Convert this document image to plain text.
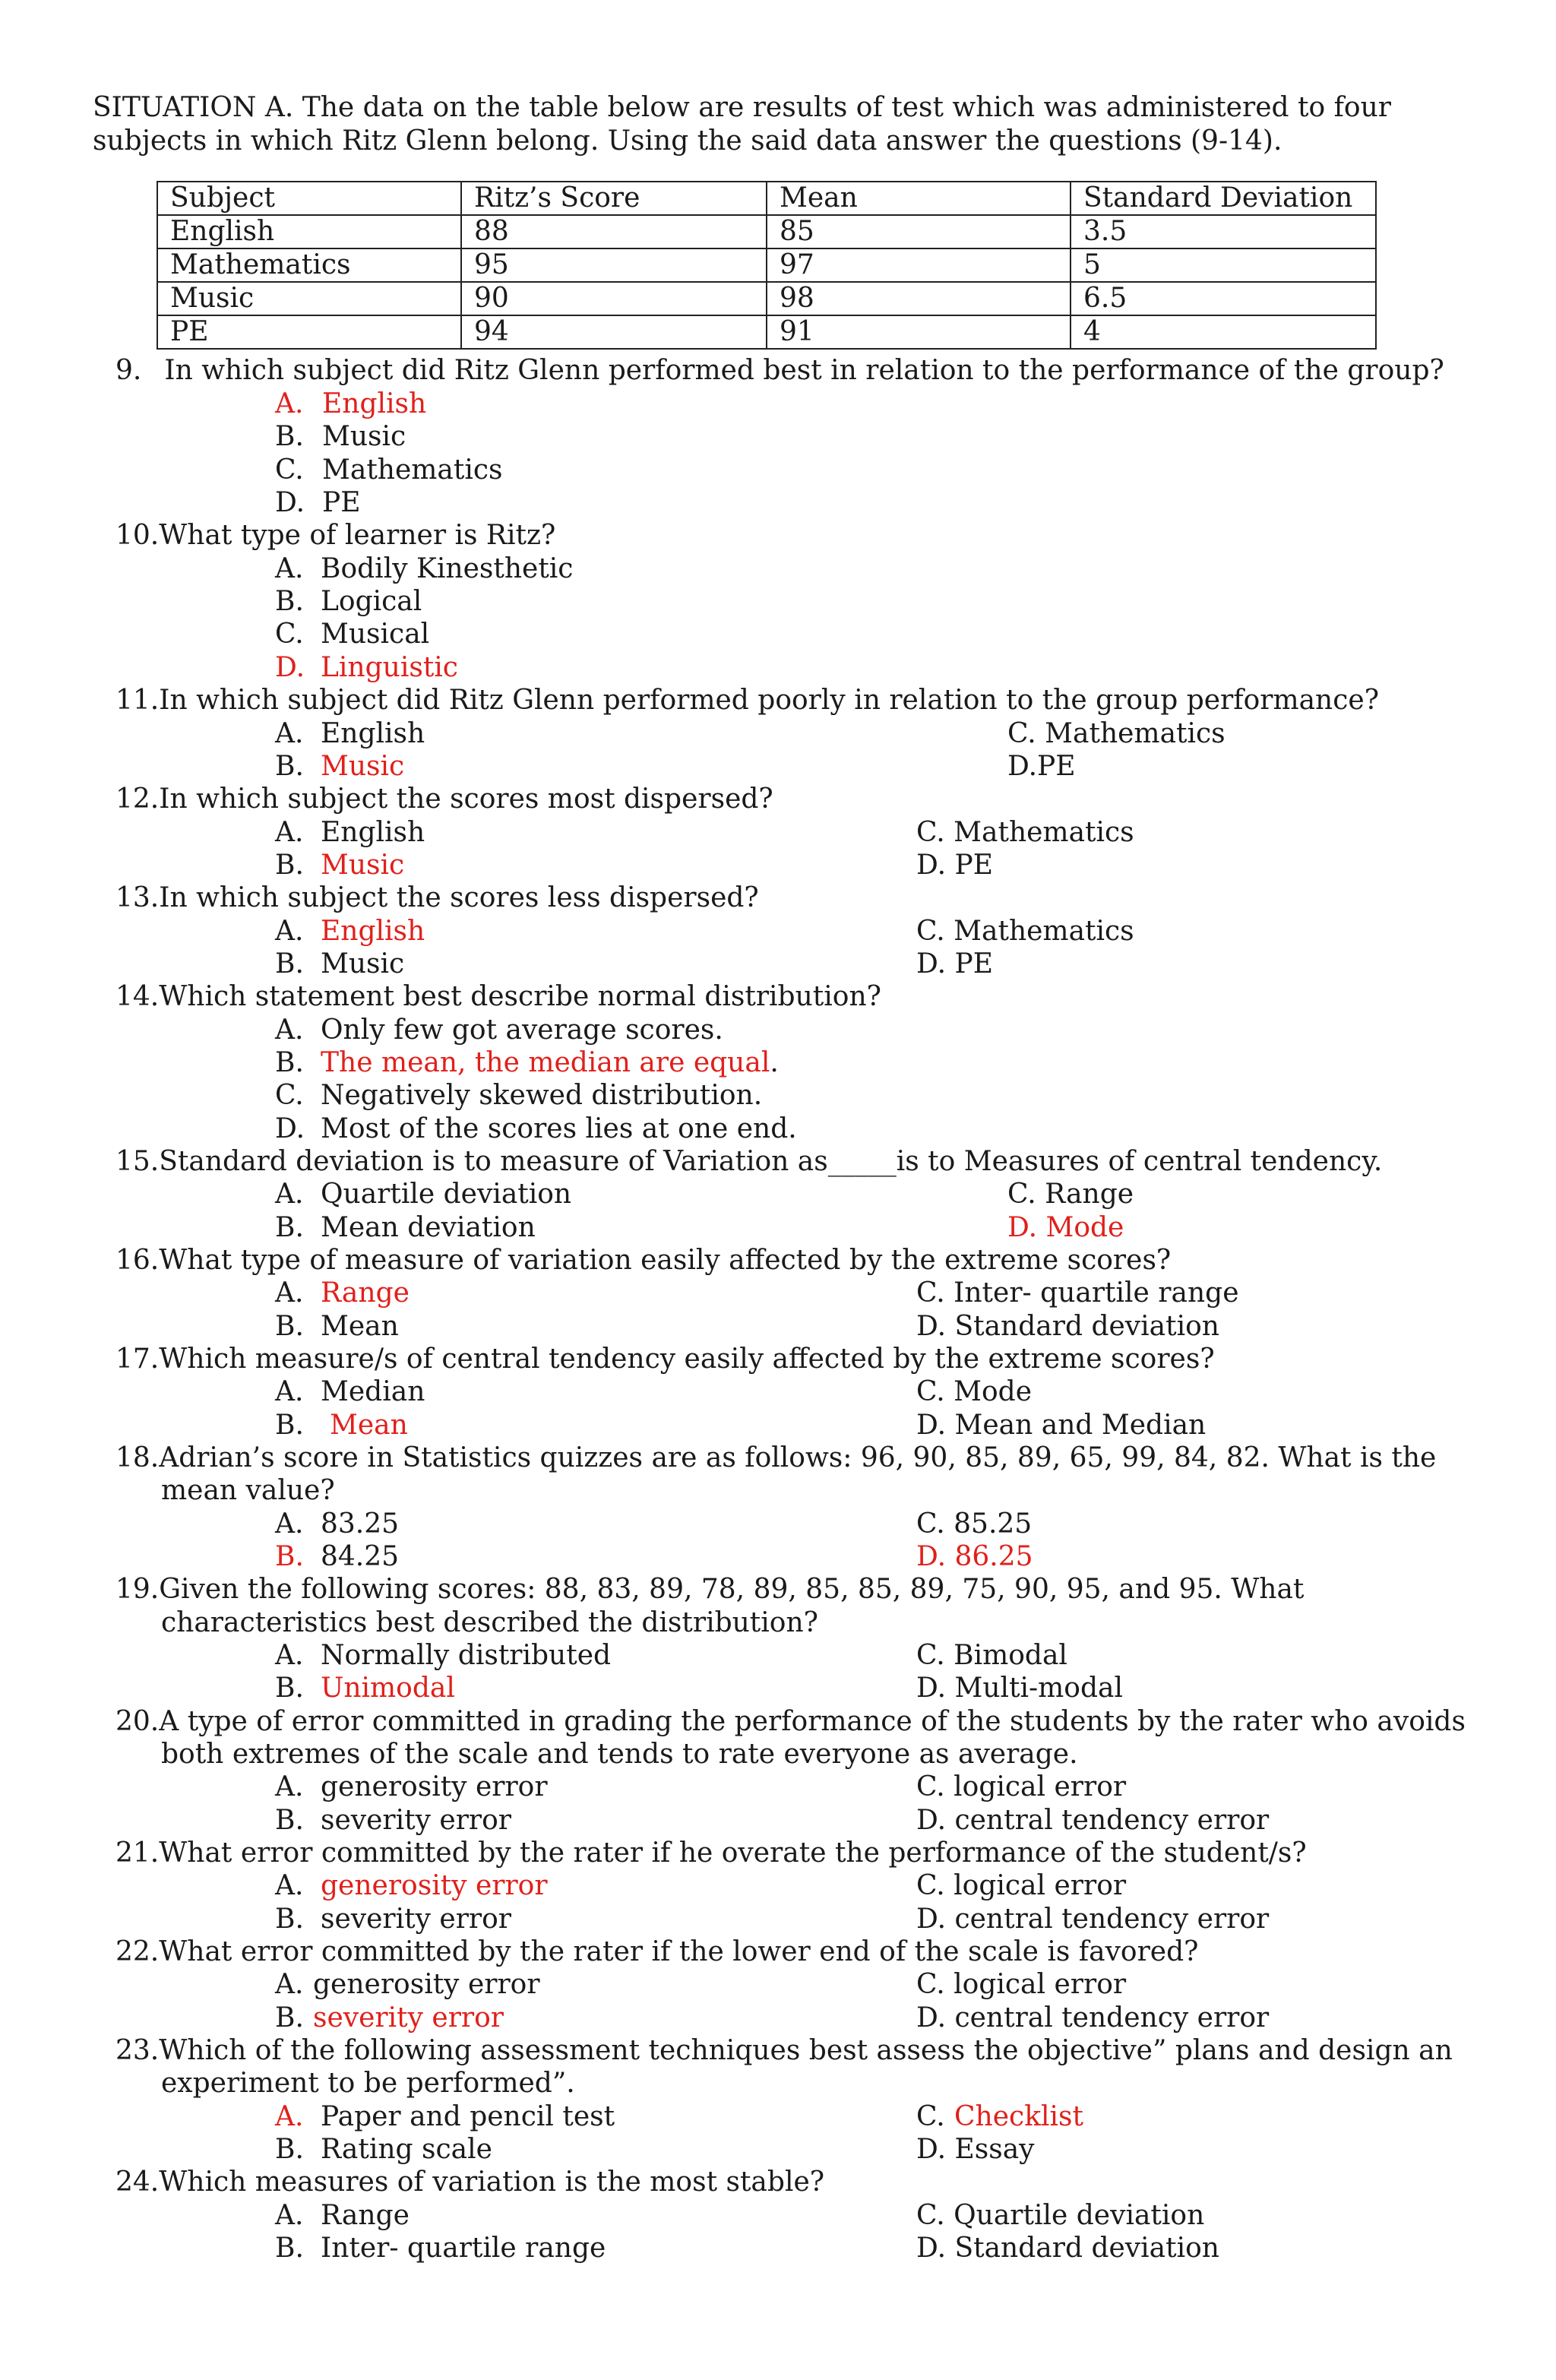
SITUATION A. The data on the table below are results of test which was administered to four
subjects in which Ritz Glenn belong. Using the said data answer the questions (9-14).
Subject	Ritz’s Score	Mean	Standard Deviation
English	88	85	3.5
Mathematics	95	97	5
Music	90	98	6.5
PE	94	91	4
9. In which subject did Ritz Glenn performed best in relation to the performance of the group?
A. English
B. Music
C. Mathematics
D. PE
10.What type of learner is Ritz?
A. Bodily Kinesthetic
B. Logical
C. Musical
D. Linguistic
11.In which subject did Ritz Glenn performed poorly in relation to the group performance?
A. English
B. Music
C. Mathematics
D.PE
12.In which subject the scores most dispersed?
A. English
B. Music
C. Mathematics
D. PE
13.In which subject the scores less dispersed?
A. English
B. Music
C. Mathematics
D. PE
14.Which statement best describe normal distribution?
A. Only few got average scores.
B. The mean, the median are equal.
C. Negatively skewed distribution.
D. Most of the scores lies at one end.
15.Standard deviation is to measure of Variation as_____is to Measures of central tendency.
A. Quartile deviation
B. Mean deviation
C. Range
D. Mode
16.What type of measure of variation easily affected by the extreme scores?
A. Range
B. Mean
C. Inter- quartile range
D. Standard deviation
17.Which measure/s of central tendency easily affected by the extreme scores?
A. Median
B. Mean
C. Mode
D. Mean and Median
18.Adrian’s score in Statistics quizzes are as follows: 96, 90, 85, 89, 65, 99, 84, 82. What is the
mean value?
A. 83.25
B. 84.25
C. 85.25
D. 86.25
19.Given the following scores: 88, 83, 89, 78, 89, 85, 85, 89, 75, 90, 95, and 95. What
characteristics best described the distribution?
A. Normally distributed
B. Unimodal
C. Bimodal
D. Multi-modal
20.A type of error committed in grading the performance of the students by the rater who avoids
both extremes of the scale and tends to rate everyone as average.
A. generosity error
B. severity error
C. logical error
D. central tendency error
21.What error committed by the rater if he overate the performance of the student/s?
A. generosity error
B. severity error
C. logical error
D. central tendency error
22.What error committed by the rater if the lower end of the scale is favored?
A. generosity error
B. severity error
C. logical error
D. central tendency error
23.Which of the following assessment techniques best assess the objective” plans and design an
experiment to be performed”.
A. Paper and pencil test
B. Rating scale
C. Checklist
D. Essay
24.Which measures of variation is the most stable?
A. Range
B. Inter- quartile range
C. Quartile deviation
D. Standard deviation
